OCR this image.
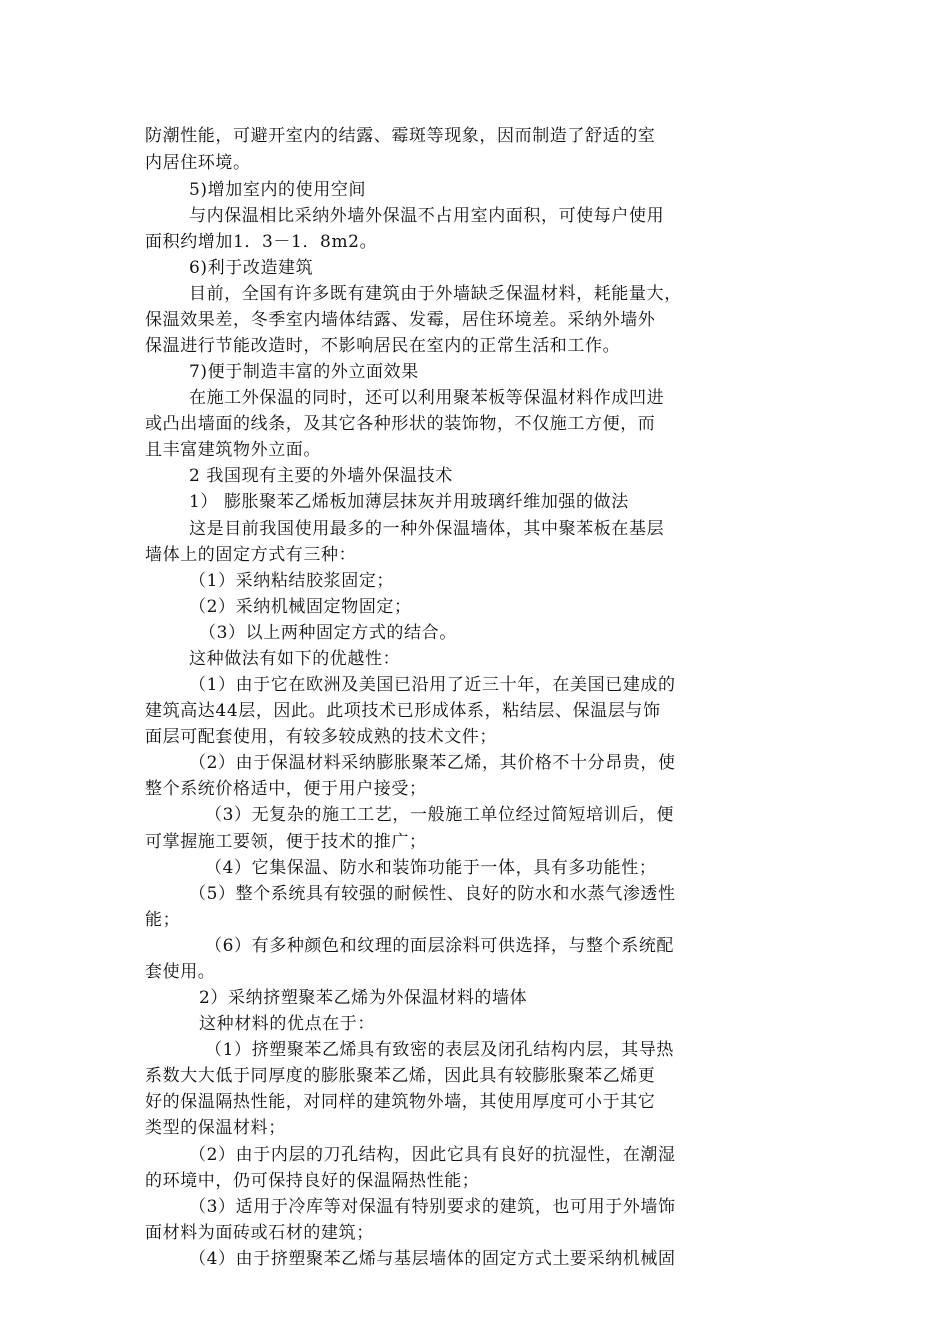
防潮性能，可避开室内的结露、霉斑等现象，因而制造了舒适的室
内居住环境。
5)增加室内的使用空间
与内保温相比采纳外墙外保温不占用室内面积，可使每户使用
面积约增加1．3－1．8m2。
6)利于改造建筑
目前，全国有许多既有建筑由于外墙缺乏保温材料，耗能量大，
保温效果差，冬季室内墙体结露、发霉，居住环境差。采纳外墙外
保温进行节能改造时，不影响居民在室内的正常生活和工作。
7)便于制造丰富的外立面效果
在施工外保温的同时，还可以利用聚苯板等保温材料作成凹进
或凸出墙面的线条，及其它各种形状的装饰物，不仅施工方便，而
且丰富建筑物外立面。
2 我国现有主要的外墙外保温技术
1） 膨胀聚苯乙烯板加薄层抹灰并用玻璃纤维加强的做法
这是目前我国使用最多的一种外保温墙体，其中聚苯板在基层
墙体上的固定方式有三种：
（1）采纳粘结胶浆固定；
（2）采纳机械固定物固定；
（3）以上两种固定方式的结合。
这种做法有如下的优越性：
（1）由于它在欧洲及美国已沿用了近三十年，在美国已建成的
建筑高达44层，因此。此项技术已形成体系，粘结层、保温层与饰
面层可配套使用，有较多较成熟的技术文件；
（2）由于保温材料采纳膨胀聚苯乙烯，其价格不十分昂贵，使
整个系统价格适中，便于用户接受；
（3）无复杂的施工工艺，一般施工单位经过简短培训后，便
可掌握施工要领，便于技术的推广；
（4）它集保温、防水和装饰功能于一体，具有多功能性；
（5）整个系统具有较强的耐候性、良好的防水和水蒸气渗透性
能；
（6）有多种颜色和纹理的面层涂料可供选择，与整个系统配
套使用。
2）采纳挤塑聚苯乙烯为外保温材料的墙体
这种材料的优点在于：
（1）挤塑聚苯乙烯具有致密的表层及闭孔结构内层，其导热
系数大大低于同厚度的膨胀聚苯乙烯，因此具有较膨胀聚苯乙烯更
好的保温隔热性能，对同样的建筑物外墙，其使用厚度可小于其它
类型的保温材料；
（2）由于内层的刀孔结构，因此它具有良好的抗湿性，在潮湿
的环境中，仍可保持良好的保温隔热性能；
（3）适用于冷库等对保温有特别要求的建筑，也可用于外墙饰
面材料为面砖或石材的建筑；
（4）由于挤塑聚苯乙烯与基层墙体的固定方式土要采纳机械固
